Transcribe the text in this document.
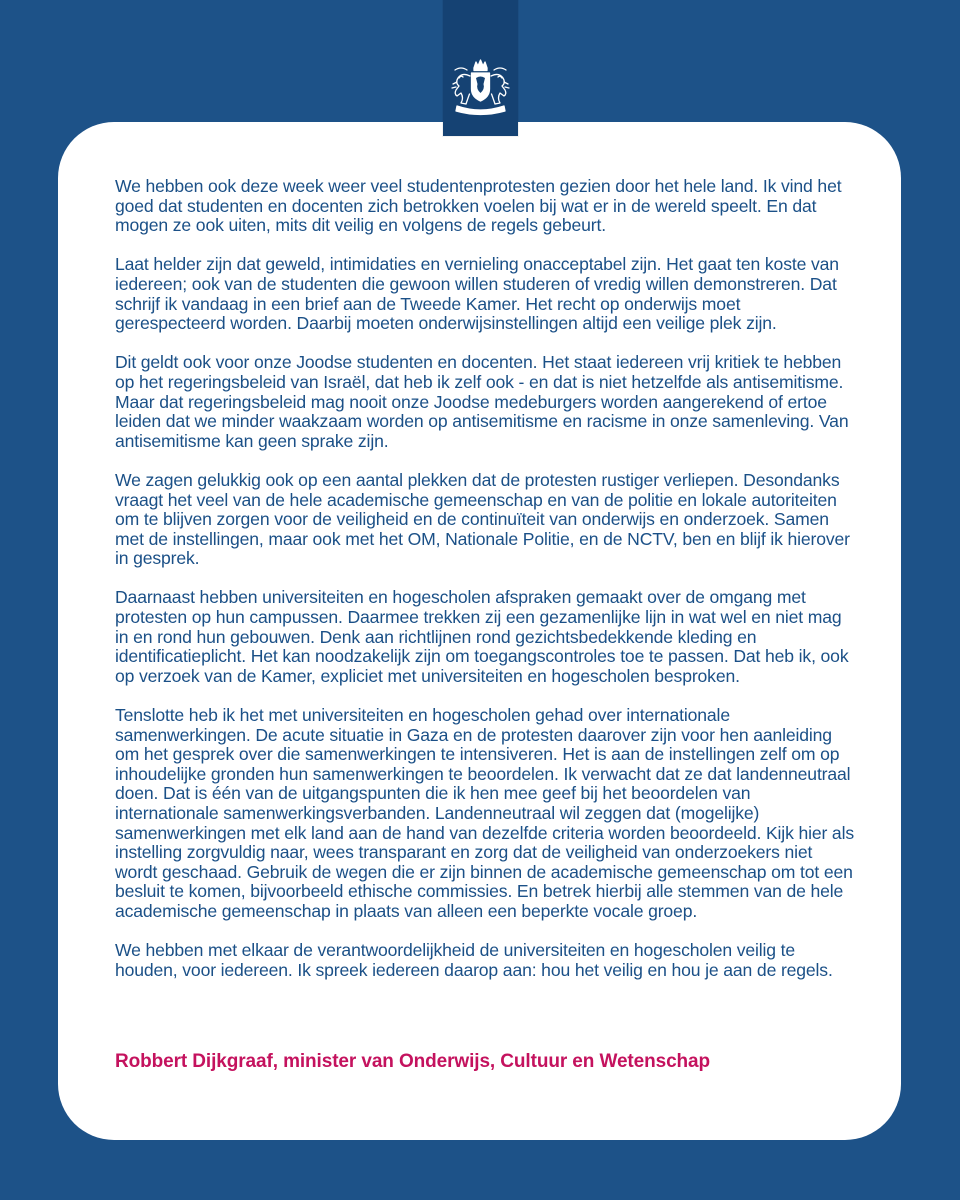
We hebben ook deze week weer veel studentenprotesten gezien door het hele land. Ik vind het goed dat studenten en docenten zich betrokken voelen bij wat er in de wereld speelt. En dat mogen ze ook uiten, mits dit veilig en volgens de regels gebeurt.

Laat helder zijn dat geweld, intimidaties en vernieling onacceptabel zijn. Het gaat ten koste van iedereen; ook van de studenten die gewoon willen studeren of vredig willen demonstreren. Dat schrijf ik vandaag in een brief aan de Tweede Kamer. Het recht op onderwijs moet gerespecteerd worden. Daarbij moeten onderwijsinstellingen altijd een veilige plek zijn.

Dit geldt ook voor onze Joodse studenten en docenten. Het staat iedereen vrij kritiek te hebben op het regeringsbeleid van Israël, dat heb ik zelf ook - en dat is niet hetzelfde als antisemitisme. Maar dat regeringsbeleid mag nooit onze Joodse medeburgers worden aangerekend of ertoe leiden dat we minder waakzaam worden op antisemitisme en racisme in onze samenleving. Van antisemitisme kan geen sprake zijn.

We zagen gelukkig ook op een aantal plekken dat de protesten rustiger verliepen. Desondanks vraagt het veel van de hele academische gemeenschap en van de politie en lokale autoriteiten om te blijven zorgen voor de veiligheid en de continuïteit van onderwijs en onderzoek. Samen met de instellingen, maar ook met het OM, Nationale Politie, en de NCTV, ben en blijf ik hierover in gesprek.

Daarnaast hebben universiteiten en hogescholen afspraken gemaakt over de omgang met protesten op hun campussen. Daarmee trekken zij een gezamenlijke lijn in wat wel en niet mag in en rond hun gebouwen. Denk aan richtlijnen rond gezichtsbedekkende kleding en identificatieplicht. Het kan noodzakelijk zijn om toegangscontroles toe te passen. Dat heb ik, ook op verzoek van de Kamer, expliciet met universiteiten en hogescholen besproken.

Tenslotte heb ik het met universiteiten en hogescholen gehad over internationale samenwerkingen. De acute situatie in Gaza en de protesten daarover zijn voor hen aanleiding om het gesprek over die samenwerkingen te intensiveren. Het is aan de instellingen zelf om op inhoudelijke gronden hun samenwerkingen te beoordelen. Ik verwacht dat ze dat landenneutraal doen. Dat is één van de uitgangspunten die ik hen mee geef bij het beoordelen van internationale samenwerkingsverbanden. Landenneutraal wil zeggen dat (mogelijke) samenwerkingen met elk land aan de hand van dezelfde criteria worden beoordeeld. Kijk hier als instelling zorgvuldig naar, wees transparant en zorg dat de veiligheid van onderzoekers niet wordt geschaad. Gebruik de wegen die er zijn binnen de academische gemeenschap om tot een besluit te komen, bijvoorbeeld ethische commissies. En betrek hierbij alle stemmen van de hele academische gemeenschap in plaats van alleen een beperkte vocale groep.

We hebben met elkaar de verantwoordelijkheid de universiteiten en hogescholen veilig te houden, voor iedereen. Ik spreek iedereen daarop aan: hou het veilig en hou je aan de regels.

Robbert Dijkgraaf, minister van Onderwijs, Cultuur en Wetenschap
